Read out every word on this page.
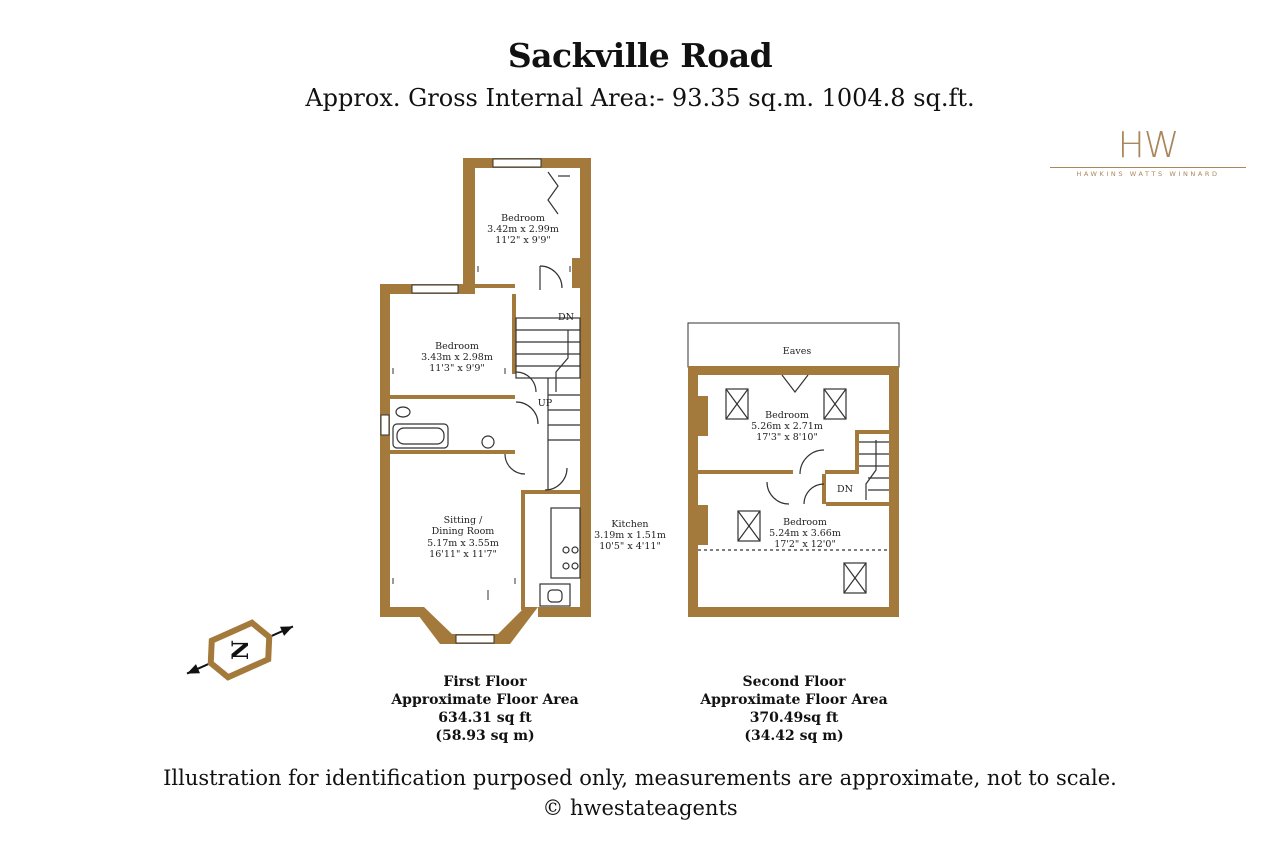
Sackville Road
Approx. Gross Internal Area:- 93.35 sq.m. 1004.8 sq.ft.
HW
HAWKINS WATTS WINNARD
Bedroom
3.42m x 2.99m
11'2" x 9'9"
Bedroom
3.43m x 2.98m
11'3" x 9'9"
Sitting /
Dining Room
5.17m x 3.55m
16'11" x 11'7"
Kitchen
3.19m x 1.51m
10'5" x 4'11"
DN
UP
Eaves
Bedroom
5.26m x 2.71m
17'3" x 8'10"
Bedroom
5.24m x 3.66m
17'2" x 12'0"
DN
N
First Floor
Approximate Floor Area
634.31 sq ft
(58.93 sq m)
Second Floor
Approximate Floor Area
370.49sq ft
(34.42 sq m)
Illustration for identification purposed only, measurements are approximate, not to scale.
© hwestateagents
